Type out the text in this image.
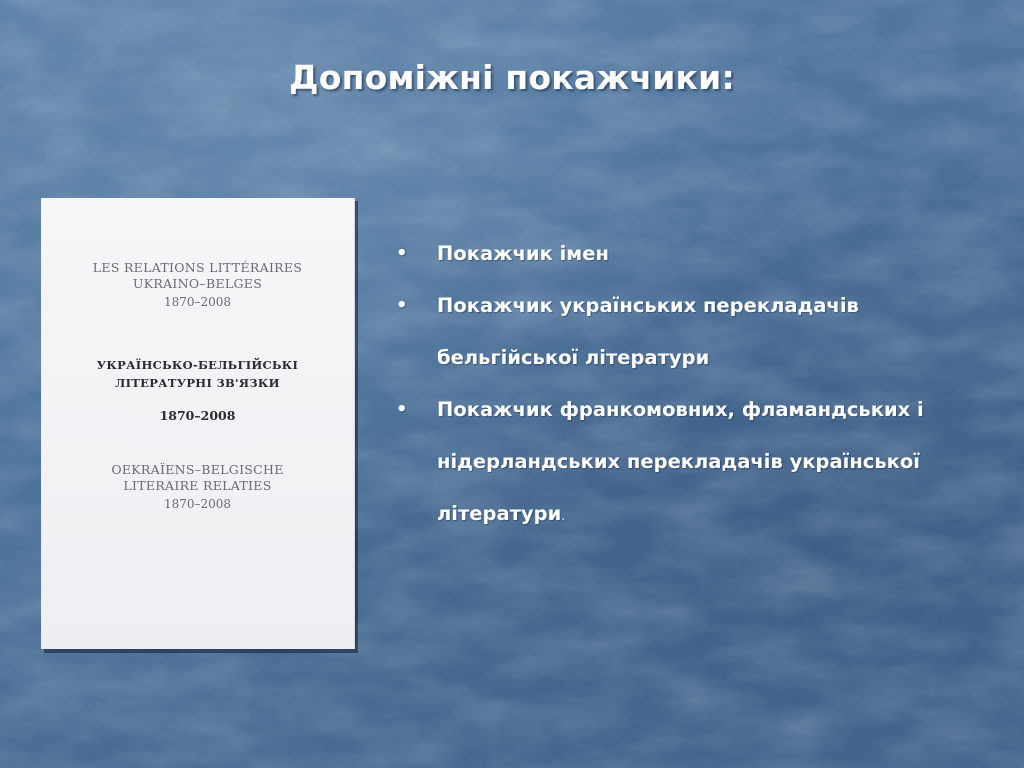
Допоміжні покажчики:
LES RELATIONS LITTÉRAIRES
UKRAINO–BELGES
1870–2008
УКРАЇНСЬКО-БЕЛЬГІЙСЬКІ
ЛІТЕРАТУРНІ ЗВ'ЯЗКИ
1870–2008
OEKRAÏENS–BELGISCHE
LITERAIRE RELATIES
1870–2008
• Покажчик імен
• Покажчик українських перекладачів
бельгійської літератури
• Покажчик франкомовних, фламандських і
нідерландських перекладачів української
літератури.
